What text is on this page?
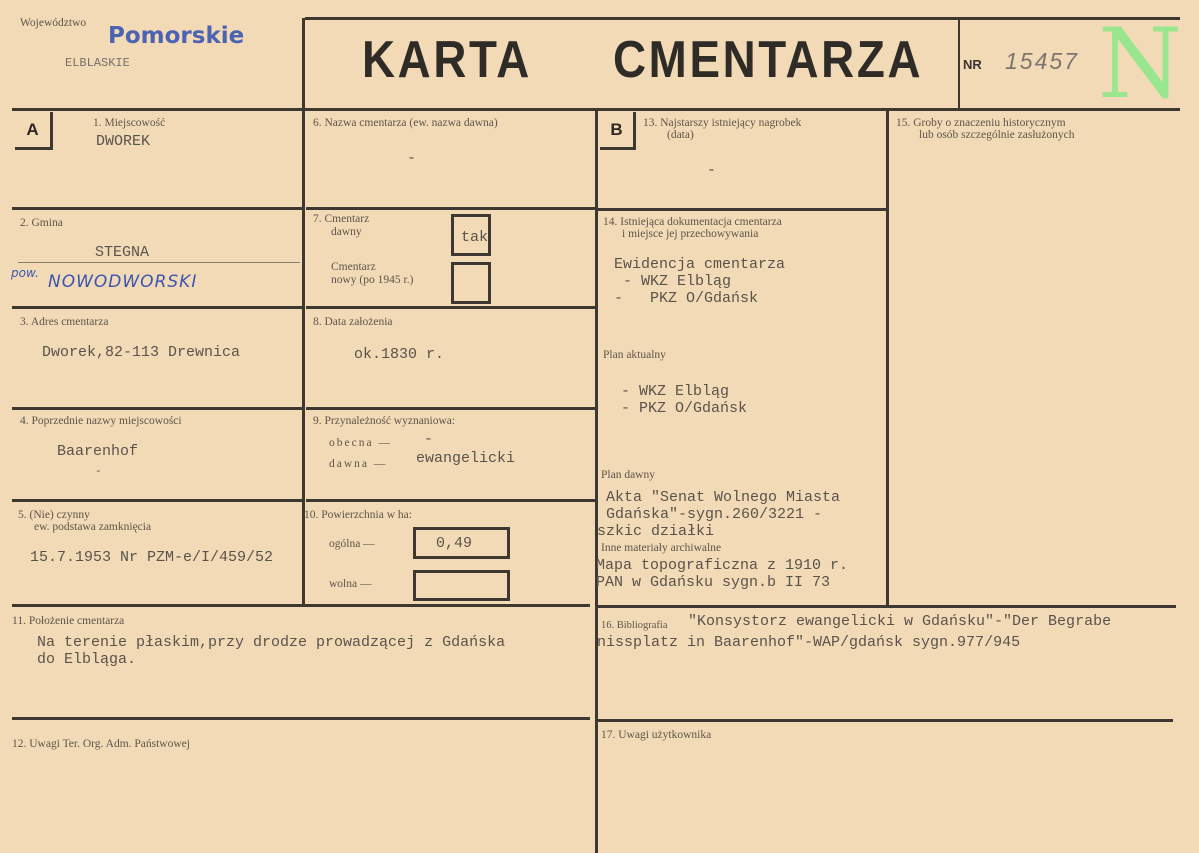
Województwo Pomorskie
ELBLASKIE	KARTA CMENTARZA N
NR 15457
A	1. Miejscowość
DWOREK
2. Gmina
STEGNA
pow. NOWODWORSKI
3. Adres cmentarza
Dworek,82-113 Drewnica
4. Poprzednie nazwy miejscowości
Baarenhof
-
5. (Nie) czynny
ew. podstawa zamknięcia
15.7.1953 Nr PZM-e/I/459/52
6. Nazwa cmentarza (ew. nazwa dawna)
-
7. Cmentarz
dawny	tak
Cmentarz
nowy (po 1945 r.)
8. Data założenia
ok.1830 r.
9. Przynależność wyznaniowa:
obecna — -
dawna — ewangelicki
10. Powierzchnia w ha:
ogólna —	0,49
wolna —
11. Położenie cmentarza
Na terenie płaskim,przy drodze prowadzącej z Gdańska
do Elbląga.
12. Uwagi Ter. Org. Adm. Państwowej
B	13. Najstarszy istniejący nagrobek
(data)
-
14. Istniejąca dokumentacja cmentarza
i miejsce jej przechowywania
Ewidencja cmentarza
- WKZ Elbląg
-   PKZ O/Gdańsk
Plan aktualny
- WKZ Elbląg
- PKZ O/Gdańsk
Plan dawny
Akta "Senat Wolnego Miasta
Gdańska"-sygn.260/3221 -
szkic działki
Inne materiały archiwalne
Mapa topograficzna z 1910 r.
PAN w Gdańsku sygn.b II 73
15. Groby o znaczeniu historycznym
lub osób szczególnie zasłużonych
16. Bibliografia "Konsystorz ewangelicki w Gdańsku"-"Der Begrabe
nissplatz in Baarenhof"-WAP/gdańsk sygn.977/945
17. Uwagi użytkownika
